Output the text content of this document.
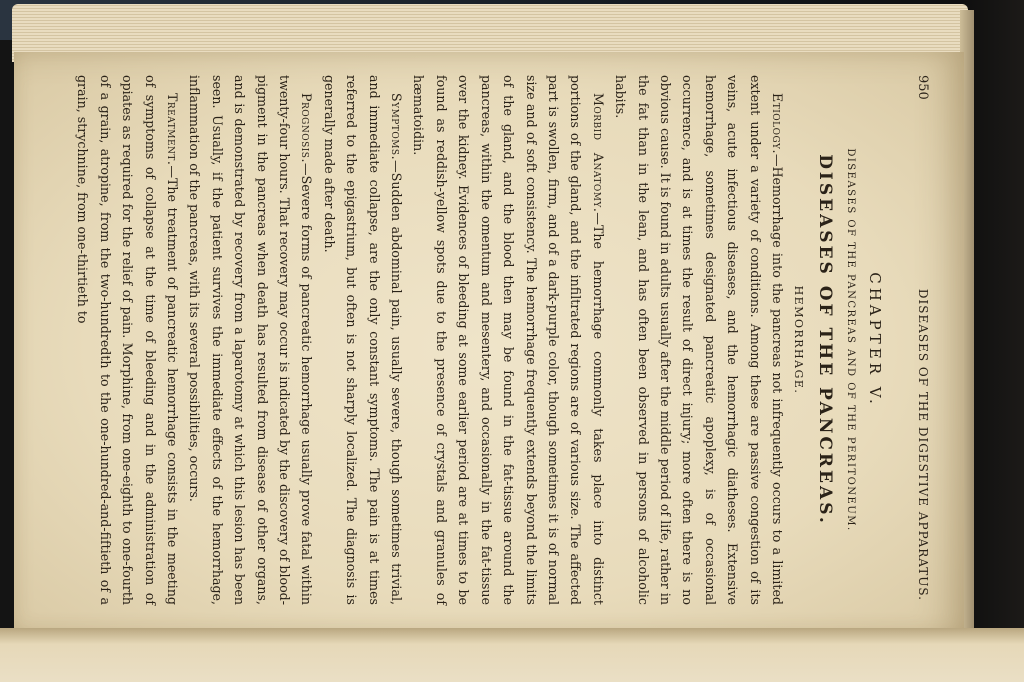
950
DISEASES OF THE DIGESTIVE APPARATUS.
CHAPTER V.
DISEASES OF THE PANCREAS AND OF THE PERITONEUM.
DISEASES OF THE PANCREAS.
HEMORRHAGE.

Etiology.—Hemorrhage into the pancreas not infrequently occurs to a limited extent under a variety of conditions. Among these are passive congestion of its veins, acute infectious diseases, and the hemorrhagic diatheses. Extensive hemorrhage, sometimes designated pancreatic apoplexy, is of occasional occurrence, and is at times the result of direct injury; more often there is no obvious cause. It is found in adults usually after the middle period of life, rather in the fat than in the lean, and has often been observed in persons of alcoholic habits.

Morbid Anatomy.—The hemorrhage commonly takes place into distinct portions of the gland, and the infiltrated regions are of various size. The affected part is swollen, firm, and of a dark-purple color, though sometimes it is of normal size and of soft consistency. The hemorrhage frequently extends beyond the limits of the gland, and the blood then may be found in the fat-tissue around the pancreas, within the omentum and mesentery, and occasionally in the fat-tissue over the kidney. Evidences of bleeding at some earlier period are at times to be found as reddish-yellow spots due to the presence of crystals and granules of hæmatoidin.

Symptoms.—Sudden abdominal pain, usually severe, though sometimes trivial, and immediate collapse, are the only constant symptoms. The pain is at times referred to the epigastrium, but often is not sharply localized. The diagnosis is generally made after death.

Prognosis.—Severe forms of pancreatic hemorrhage usually prove fatal within twenty-four hours. That recovery may occur is indicated by the discovery of blood-pigment in the pancreas when death has resulted from disease of other organs, and is demonstrated by recovery from a laparotomy at which this lesion has been seen. Usually, if the patient survives the immediate effects of the hemorrhage, inflammation of the pancreas, with its several possibilities, occurs.

Treatment.—The treatment of pancreatic hemorrhage consists in the meeting of symptoms of collapse at the time of bleeding and in the administration of opiates as required for the relief of pain. Morphine, from one-eighth to one-fourth of a grain, atropine, from the two-hundredth to the one-hundred-and-fiftieth of a grain, strychnine, from one-thirtieth to
